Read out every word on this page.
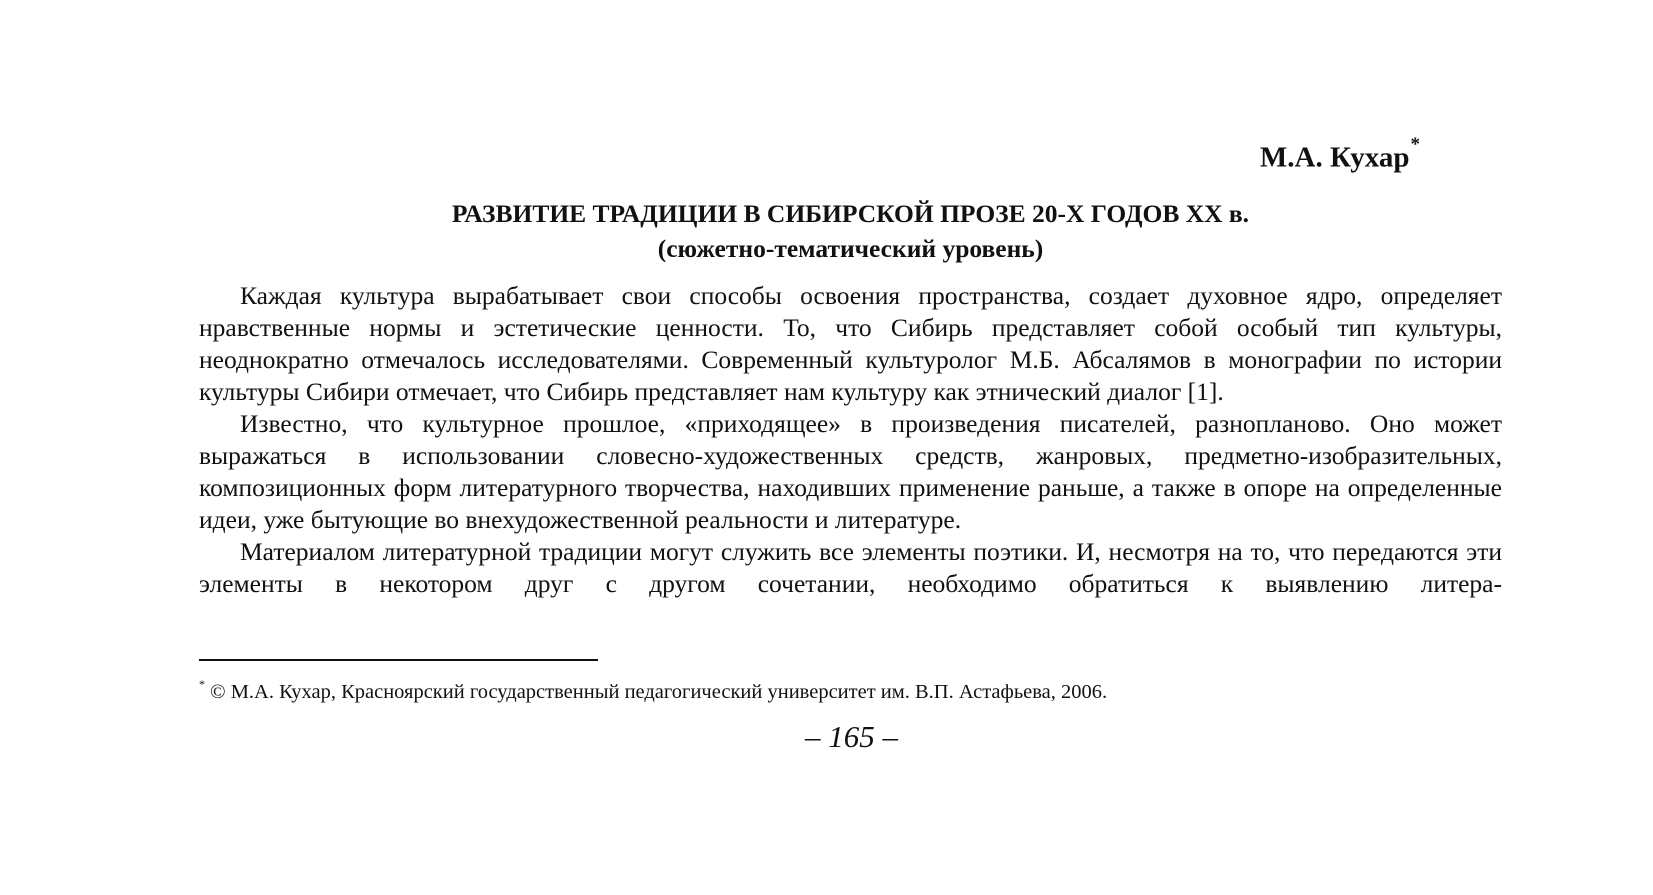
М.А. Кухар*
РАЗВИТИЕ ТРАДИЦИИ В СИБИРСКОЙ ПРОЗЕ 20-Х ГОДОВ XX в.
(сюжетно-тематический уровень)

Каждая культура вырабатывает свои способы освоения пространства, создает духовное ядро, определяет нравственные нормы и эстетические ценности. То, что Сибирь представляет собой особый тип культуры, неоднократно отмечалось исследователями. Современный культуролог М.Б. Абсалямов в монографии по истории культуры Сибири отмечает, что Сибирь представляет нам культуру как этнический диалог [1].

Известно, что культурное прошлое, «приходящее» в произведения писателей, разнопланово. Оно может выражаться в использовании словесно-художественных средств, жанровых, предметно-изобразительных, композиционных форм литературного творчества, находивших применение раньше, а также в опоре на определенные идеи, уже бытующие во внехудожественной реальности и литературе.

Материалом литературной традиции могут служить все элементы поэтики. И, несмотря на то, что передаются эти элементы в некотором друг с другом сочетании, необходимо обратиться к выявлению литера-

* © М.А. Кухар, Красноярский государственный педагогический университет им. В.П. Астафьева, 2006.
– 165 –
